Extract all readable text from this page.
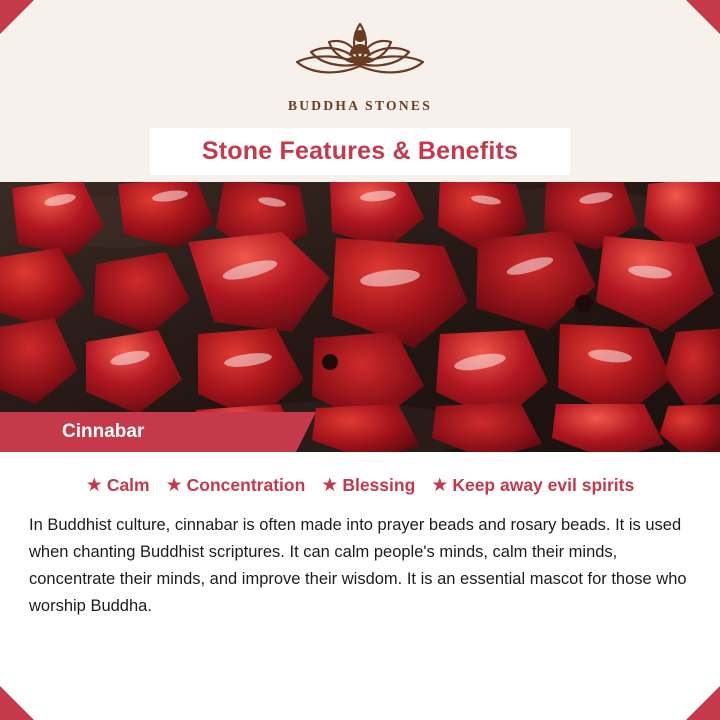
BUDDHA STONES
Stone Features & Benefits
Cinnabar
★ Calm ★ Concentration ★ Blessing ★ Keep away evil spirits
In Buddhist culture, cinnabar is often made into prayer beads and rosary beads. It is used when chanting Buddhist scriptures. It can calm people's minds, calm their minds, concentrate their minds, and improve their wisdom. It is an essential mascot for those who worship Buddha.
